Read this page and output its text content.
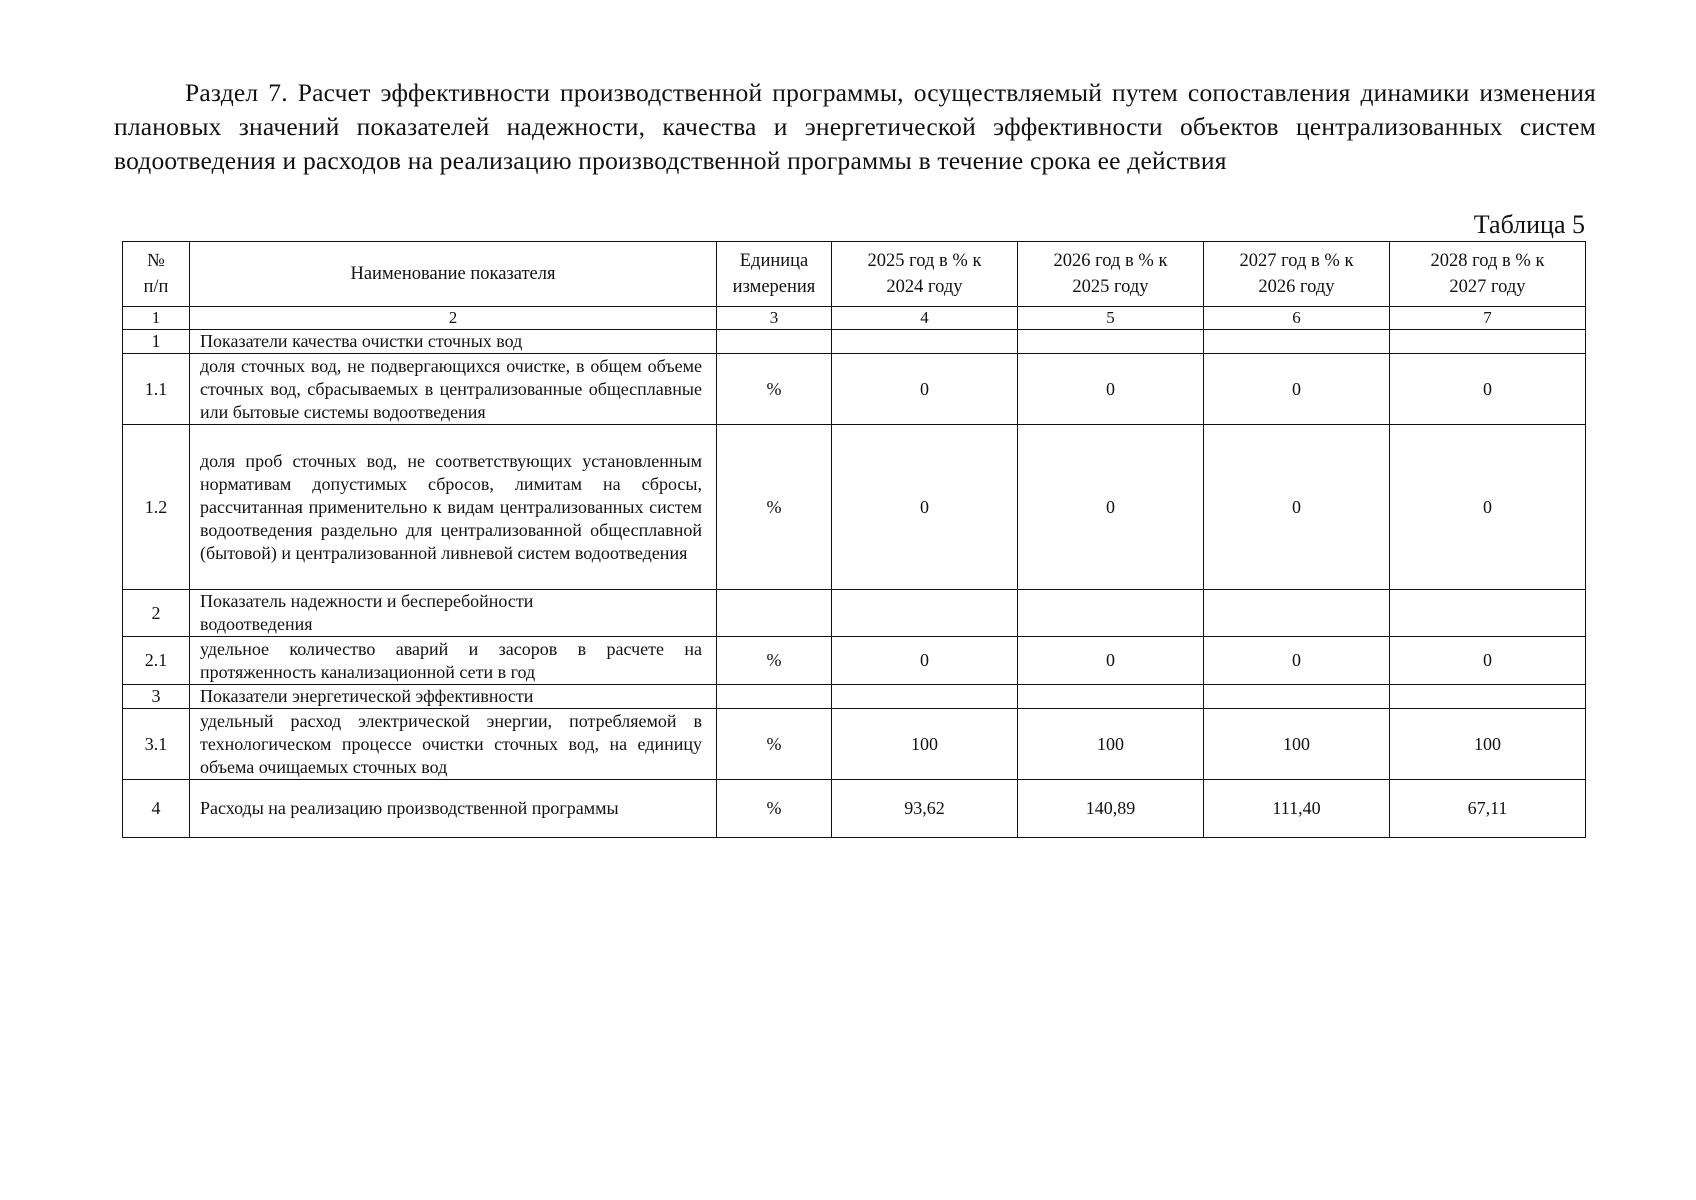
Раздел 7. Расчет эффективности производственной программы, осуществляемый путем сопоставления динамики изменения плановых значений показателей надежности, качества и энергетической эффективности объектов централизованных систем водоотведения и расходов на реализацию производственной программы в течение срока ее действия
Таблица 5
№ п/п	Наименование показателя	Единица измерения	2025 год в % к 2024 году	2026 год в % к 2025 году	2027 год в % к 2026 году	2028 год в % к 2027 году
1	2	3	4	5	6	7
1	Показатели качества очистки сточных вод					
1.1	доля сточных вод, не подвергающихся очистке, в общем объеме сточных вод, сбрасываемых в централизованные общесплавные или бытовые системы водоотведения	%	0	0	0	0
1.2	доля проб сточных вод, не соответствующих установленным нормативам допустимых сбросов, лимитам на сбросы, рассчитанная применительно к видам централизованных систем водоотведения раздельно для централизованной общесплавной (бытовой) и централизованной ливневой систем водоотведения	%	0	0	0	0
2	Показатель надежности и бесперебойности водоотведения					
2.1	удельное количество аварий и засоров в расчете на протяженность канализационной сети в год	%	0	0	0	0
3	Показатели энергетической эффективности					
3.1	удельный расход электрической энергии, потребляемой в технологическом процессе очистки сточных вод, на единицу объема очищаемых сточных вод	%	100	100	100	100
4	Расходы на реализацию производственной программы	%	93,62	140,89	111,40	67,11
